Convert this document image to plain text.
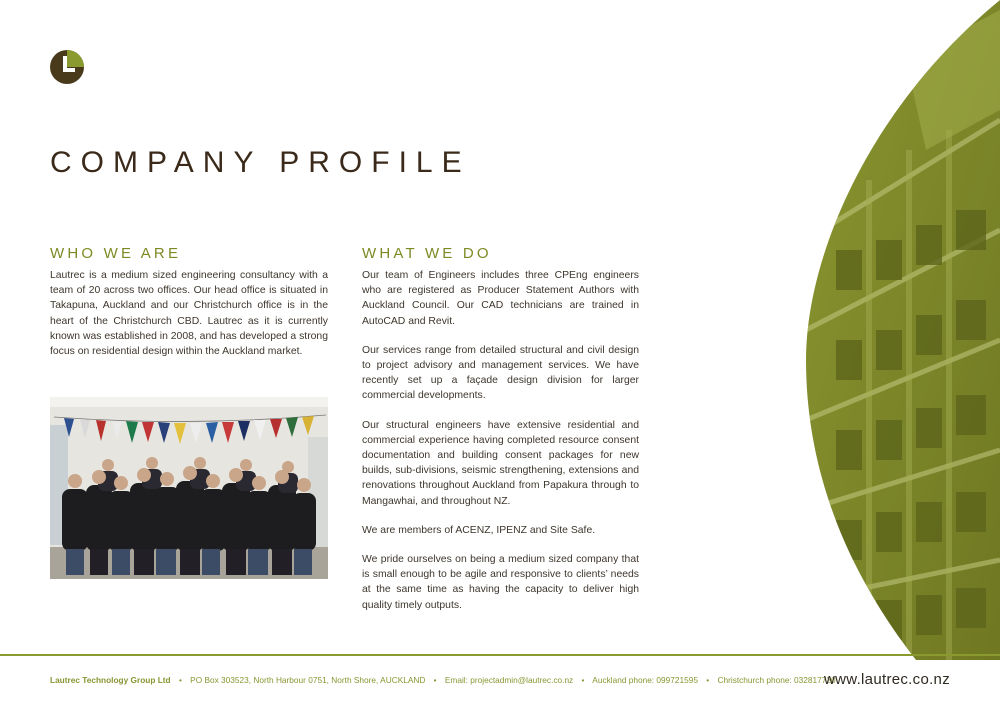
COMPANY PROFILE
WHO WE ARE

Lautrec is a medium sized engineering consultancy with a team of 20 across two offices. Our head office is situated in Takapuna, Auckland and our Christchurch office is in the heart of the Christchurch CBD. Lautrec as it is currently known was established in 2008, and has developed a strong focus on residential design within the Auckland market.

WHAT WE DO

Our team of Engineers includes three CPEng engineers who are registered as Producer Statement Authors with Auckland Council. Our CAD technicians are trained in AutoCAD and Revit.

Our services range from detailed structural and civil design to project advisory and management services. We have recently set up a façade design division for larger commercial developments.

Our structural engineers have extensive residential and commercial experience having completed resource consent documentation and building consent packages for new builds, sub-divisions, seismic strengthening, extensions and renovations throughout Auckland from Papakura through to Mangawhai, and throughout NZ.

We are members of ACENZ, IPENZ and Site Safe.

We pride ourselves on being a medium sized company that is small enough to be agile and responsive to clients’ needs at the same time as having the capacity to deliver high quality timely outputs.

Lautrec Technology Group Ltd • PO Box 303523, North Harbour 0751, North Shore, AUCKLAND • Email: projectadmin@lautrec.co.nz • Auckland phone: 099721595 • Christchurch phone: 032817720
www.lautrec.co.nz
